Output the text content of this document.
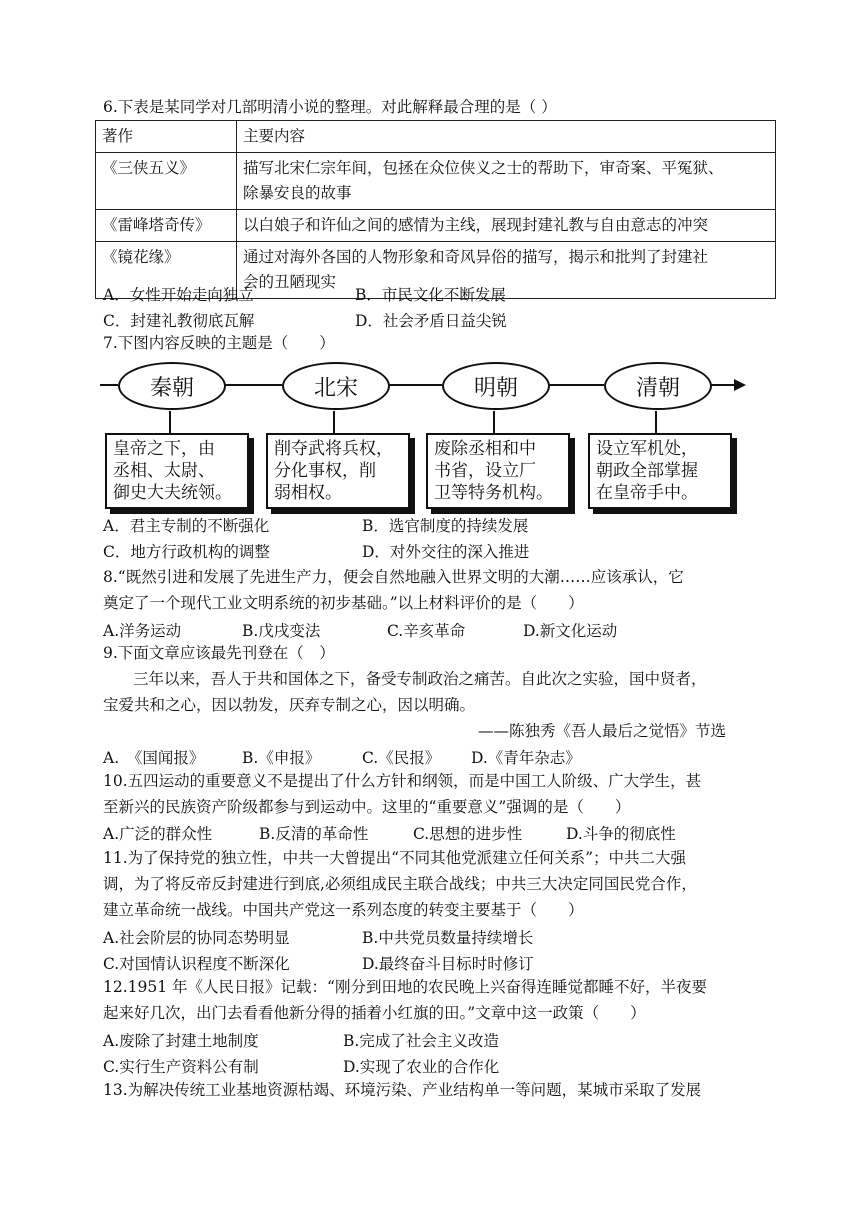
6.下表是某同学对几部明清小说的整理。对此解释最合理的是（ ）
著作	主要内容
《三侠五义》	描写北宋仁宗年间，包拯在众位侠义之士的帮助下，审奇案、平冤狱、
除暴安良的故事
《雷峰塔奇传》	以白娘子和许仙之间的感情为主线，展现封建礼教与自由意志的冲突
《镜花缘》	通过对海外各国的人物形象和奇风异俗的描写，揭示和批判了封建社
会的丑陋现实
A．女性开始走向独立	B．市民文化不断发展
C．封建礼教彻底瓦解	D．社会矛盾日益尖锐
7.下图内容反映的主题是（　　）
秦朝	北宋	明朝	清朝
皇帝之下，由
丞相、太尉、
御史大夫统领。
削夺武将兵权，
分化事权，削
弱相权。
废除丞相和中
书省，设立厂
卫等特务机构。
设立军机处，
朝政全部掌握
在皇帝手中。
A．君主专制的不断强化	B．选官制度的持续发展
C．地方行政机构的调整	D．对外交往的深入推进
8.“既然引进和发展了先进生产力，便会自然地融入世界文明的大潮……应该承认，它
奠定了一个现代工业文明系统的初步基础。”以上材料评价的是（　　）
A.洋务运动	B.戊戌变法	C.辛亥革命	D.新文化运动
9.下面文章应该最先刊登在（　）
三年以来，吾人于共和国体之下，备受专制政治之痛苦。自此次之实验，国中贤者，
宝爱共和之心，因以勃发，厌弃专制之心，因以明确。
——陈独秀《吾人最后之觉悟》节选
A.　《国闻报》 B.《申报》	C.《民报》 D.《青年杂志》
10.五四运动的重要意义不是提出了什么方针和纲领，而是中国工人阶级、广大学生，甚
至新兴的民族资产阶级都参与到运动中。这里的“重要意义”强调的是（　　）
A.广泛的群众性	B.反清的革命性	C.思想的进步性	D.斗争的彻底性
11.为了保持党的独立性，中共一大曾提出“不同其他党派建立任何关系”；中共二大强
调，为了将反帝反封建进行到底,必须组成民主联合战线；中共三大决定同国民党合作，
建立革命统一战线。中国共产党这一系列态度的转变主要基于（　　）
A.社会阶层的协同态势明显	B.中共党员数量持续增长
C.对国情认识程度不断深化	D.最终奋斗目标时时修订
12.1951 年《人民日报》记载：“刚分到田地的农民晚上兴奋得连睡觉都睡不好，半夜要
起来好几次，出门去看看他新分得的插着小红旗的田。”文章中这一政策（　　）
A.废除了封建土地制度	B.完成了社会主义改造
C.实行生产资料公有制	D.实现了农业的合作化
13.为解决传统工业基地资源枯竭、环境污染、产业结构单一等问题，某城市采取了发展
